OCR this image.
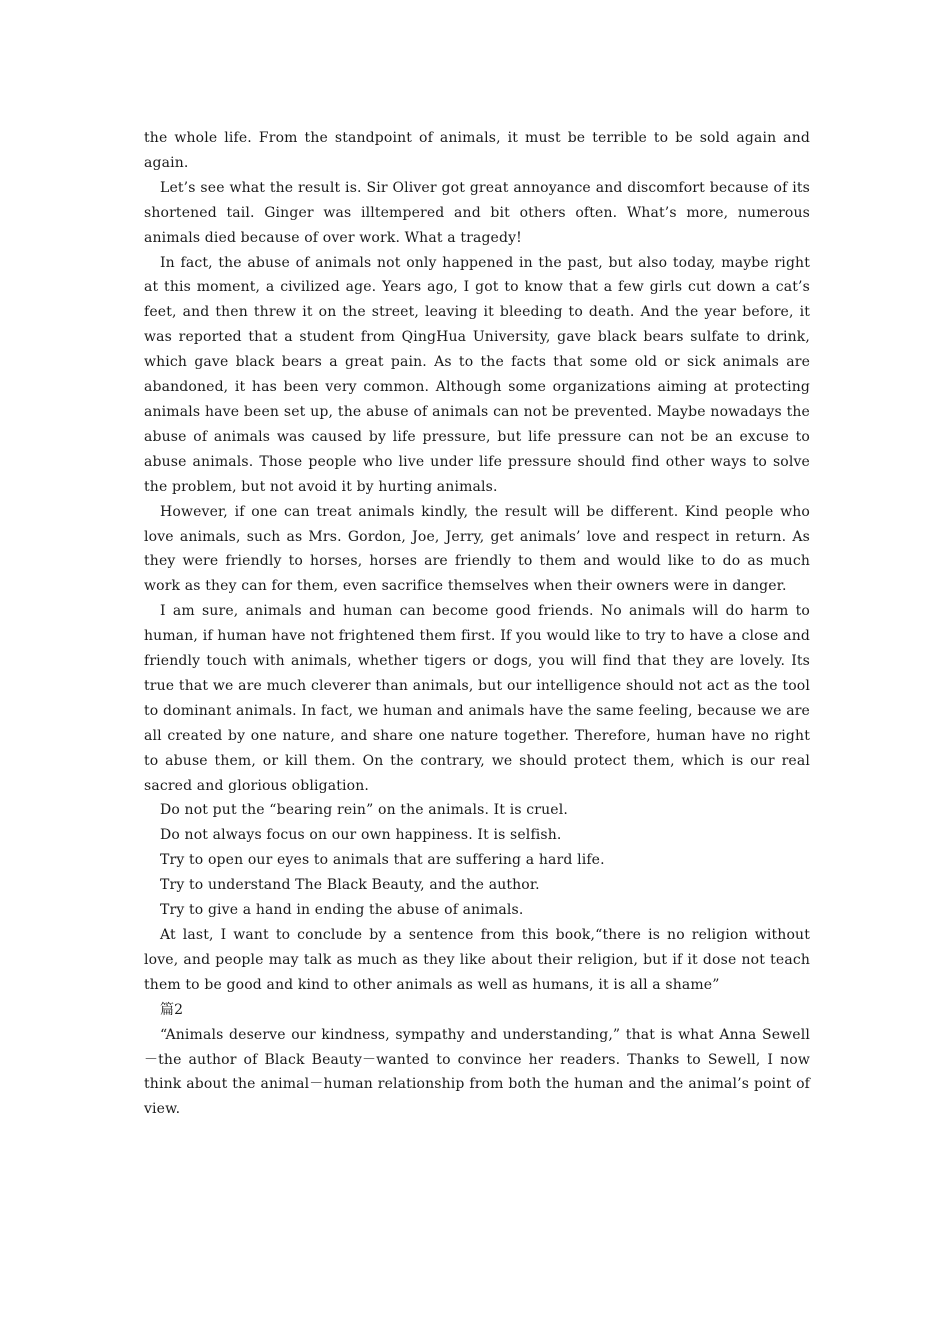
the whole life. From the standpoint of animals, it must be terrible to be sold again and again.

Let’s see what the result is. Sir Oliver got great annoyance and discomfort because of its shortened tail. Ginger was illtempered and bit others often. What’s more, numerous animals died because of over work. What a tragedy!

In fact, the abuse of animals not only happened in the past, but also today, maybe right at this moment, a civilized age. Years ago, I got to know that a few girls cut down a cat’s feet, and then threw it on the street, leaving it bleeding to death. And the year before, it was reported that a student from QingHua University, gave black bears sulfate to drink, which gave black bears a great pain. As to the facts that some old or sick animals are abandoned, it has been very common. Although some organizations aiming at protecting animals have been set up, the abuse of animals can not be prevented. Maybe nowadays the abuse of animals was caused by life pressure, but life pressure can not be an excuse to abuse animals. Those people who live under life pressure should find other ways to solve the problem, but not avoid it by hurting animals.

However, if one can treat animals kindly, the result will be different. Kind people who love animals, such as Mrs. Gordon, Joe, Jerry, get animals’ love and respect in return. As they were friendly to horses, horses are friendly to them and would like to do as much work as they can for them, even sacrifice themselves when their owners were in danger.

I am sure, animals and human can become good friends. No animals will do harm to human, if human have not frightened them first. If you would like to try to have a close and friendly touch with animals, whether tigers or dogs, you will find that they are lovely. Its true that we are much cleverer than animals, but our intelligence should not act as the tool to dominant animals. In fact, we human and animals have the same feeling, because we are all created by one nature, and share one nature together. Therefore, human have no right to abuse them, or kill them. On the contrary, we should protect them, which is our real sacred and glorious obligation.

Do not put the “bearing rein” on the animals. It is cruel.

Do not always focus on our own happiness. It is selfish.

Try to open our eyes to animals that are suffering a hard life.

Try to understand The Black Beauty, and the author.

Try to give a hand in ending the abuse of animals.

At last, I want to conclude by a sentence from this book,“there is no religion without love, and people may talk as much as they like about their religion, but if it dose not teach them to be good and kind to other animals as well as humans, it is all a shame”

篇2

“Animals deserve our kindness, sympathy and understanding,” that is what Anna Sewell－the author of Black Beauty－wanted to convince her readers. Thanks to Sewell, I now think about the animal－human relationship from both the human and the animal’s point of view.
